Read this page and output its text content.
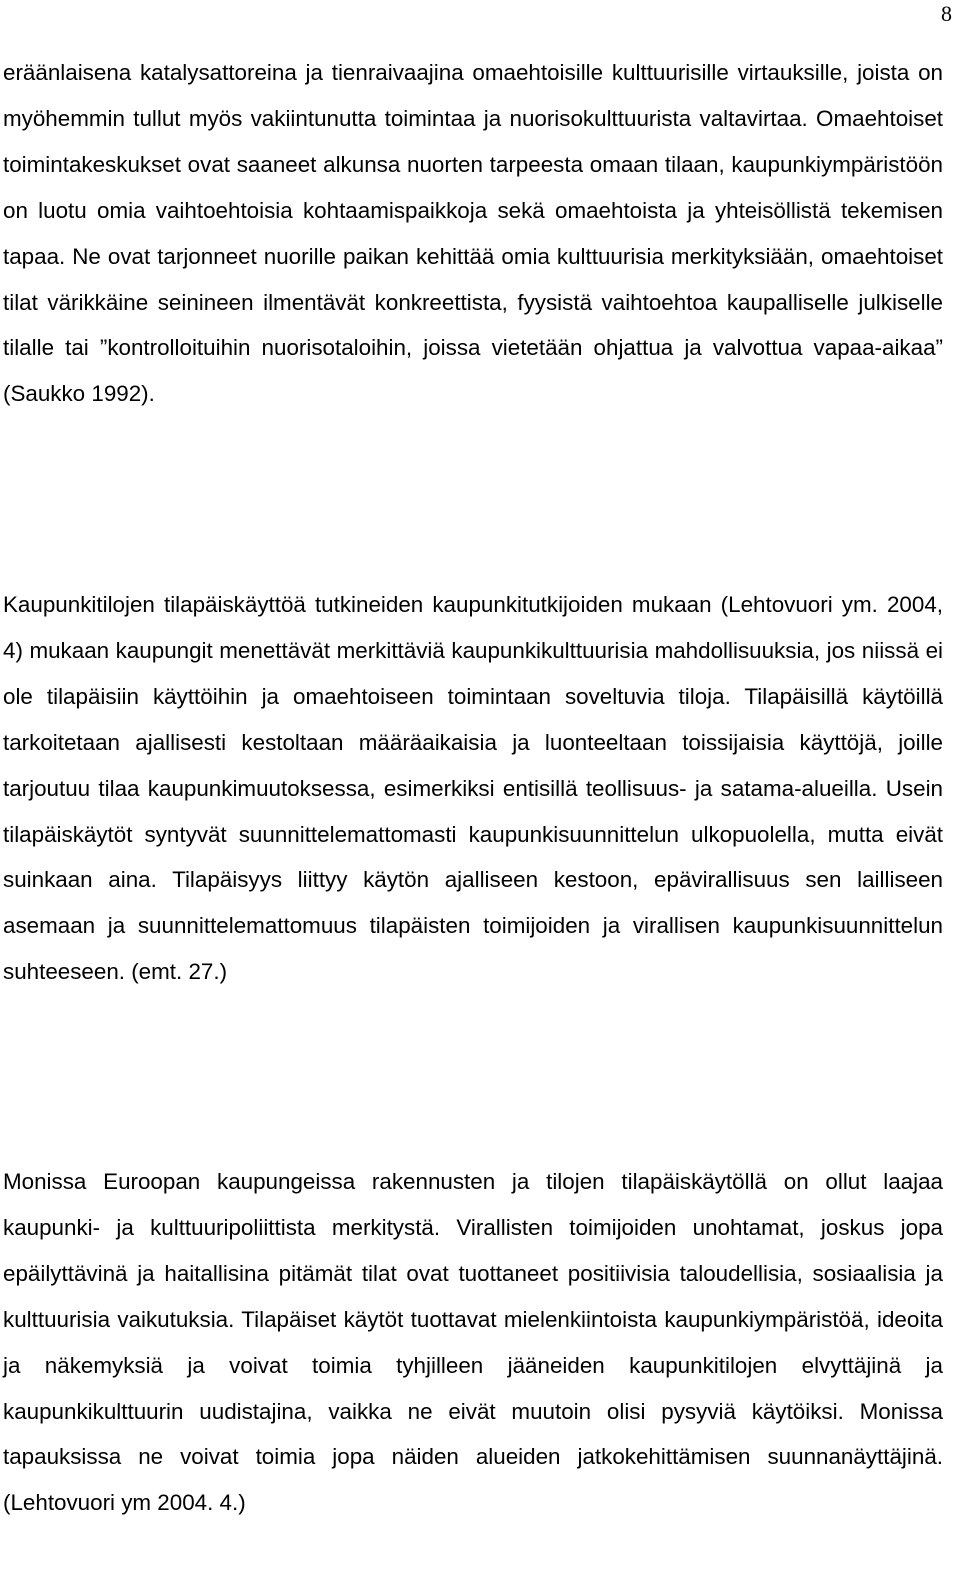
8

eräänlaisena katalysattoreina ja tienraivaajina omaehtoisille kulttuurisille virtauksille, joista on myöhemmin tullut myös vakiintunutta toimintaa ja nuorisokulttuurista valtavirtaa. Omaehtoiset toimintakeskukset ovat saaneet alkunsa nuorten tarpeesta omaan tilaan, kaupunkiympäristöön on luotu omia vaihtoehtoisia kohtaamispaikkoja sekä omaehtoista ja yhteisöllistä tekemisen tapaa. Ne ovat tarjonneet nuorille paikan kehittää omia kulttuurisia merkityksiään, omaehtoiset tilat värikkäine seinineen ilmentävät konkreettista, fyysistä vaihtoehtoa kaupalliselle julkiselle tilalle tai ”kontrolloituihin nuorisotaloihin, joissa vietetään ohjattua ja valvottua vapaa-aikaa” (Saukko 1992).

Kaupunkitilojen tilapäiskäyttöä tutkineiden kaupunkitutkijoiden mukaan (Lehtovuori ym. 2004, 4) mukaan kaupungit menettävät merkittäviä kaupunkikulttuurisia mahdollisuuksia, jos niissä ei ole tilapäisiin käyttöihin ja omaehtoiseen toimintaan soveltuvia tiloja. Tilapäisillä käytöillä tarkoitetaan ajallisesti kestoltaan määräaikaisia ja luonteeltaan toissijaisia käyttöjä, joille tarjoutuu tilaa kaupunkimuutoksessa, esimerkiksi entisillä teollisuus- ja satama-alueilla. Usein tilapäiskäytöt syntyvät suunnittelemattomasti kaupunkisuunnittelun ulkopuolella, mutta eivät suinkaan aina. Tilapäisyys liittyy käytön ajalliseen kestoon, epävirallisuus sen lailliseen asemaan ja suunnittelemattomuus tilapäisten toimijoiden ja virallisen kaupunkisuunnittelun suhteeseen. (emt. 27.)

Monissa Euroopan kaupungeissa rakennusten ja tilojen tilapäiskäytöllä on ollut laajaa kaupunki- ja kulttuuripoliittista merkitystä. Virallisten toimijoiden unohtamat, joskus jopa epäilyttävinä ja haitallisina pitämät tilat ovat tuottaneet positiivisia taloudellisia, sosiaalisia ja kulttuurisia vaikutuksia. Tilapäiset käytöt tuottavat mielenkiintoista kaupunkiympäristöä, ideoita ja näkemyksiä ja voivat toimia tyhjilleen jääneiden kaupunkitilojen elvyttäjinä ja kaupunkikulttuurin uudistajina, vaikka ne eivät muutoin olisi pysyviä käytöiksi. Monissa tapauksissa ne voivat toimia jopa näiden alueiden jatkokehittämisen suunnanäyttäjinä. (Lehtovuori ym 2004. 4.)
